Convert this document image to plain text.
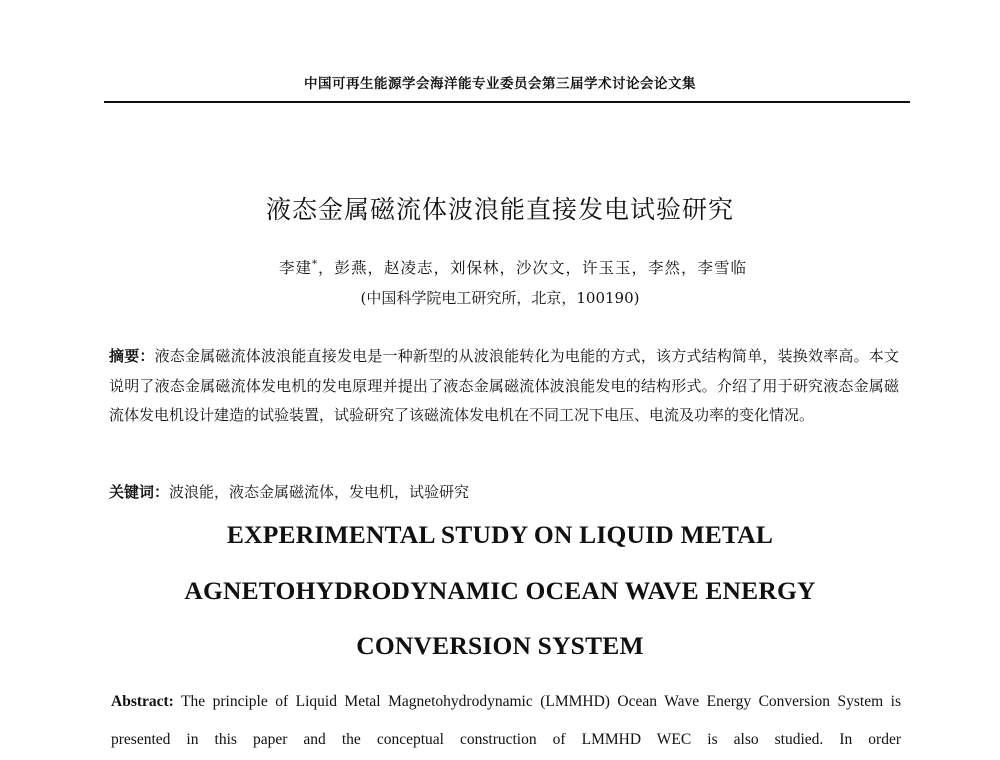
中国可再生能源学会海洋能专业委员会第三届学术讨论会论文集
液态金属磁流体波浪能直接发电试验研究
李建*，彭燕，赵凌志，刘保林，沙次文，许玉玉，李然，李雪临
(中国科学院电工研究所，北京，100190)
摘要：液态金属磁流体波浪能直接发电是一种新型的从波浪能转化为电能的方式，该方式结构简单，装换效率高。本文说明了液态金属磁流体发电机的发电原理并提出了液态金属磁流体波浪能发电的结构形式。介绍了用于研究液态金属磁流体发电机设计建造的试验装置，试验研究了该磁流体发电机在不同工况下电压、电流及功率的变化情况。
关键词：波浪能，液态金属磁流体，发电机，试验研究
EXPERIMENTAL STUDY ON LIQUID METAL
AGNETOHYDRODYNAMIC OCEAN WAVE ENERGY
CONVERSION SYSTEM
Abstract: The principle of Liquid Metal Magnetohydrodynamic (LMMHD) Ocean Wave Energy Conversion System is presented in this paper and the conceptual construction of LMMHD WEC is also studied. In order
